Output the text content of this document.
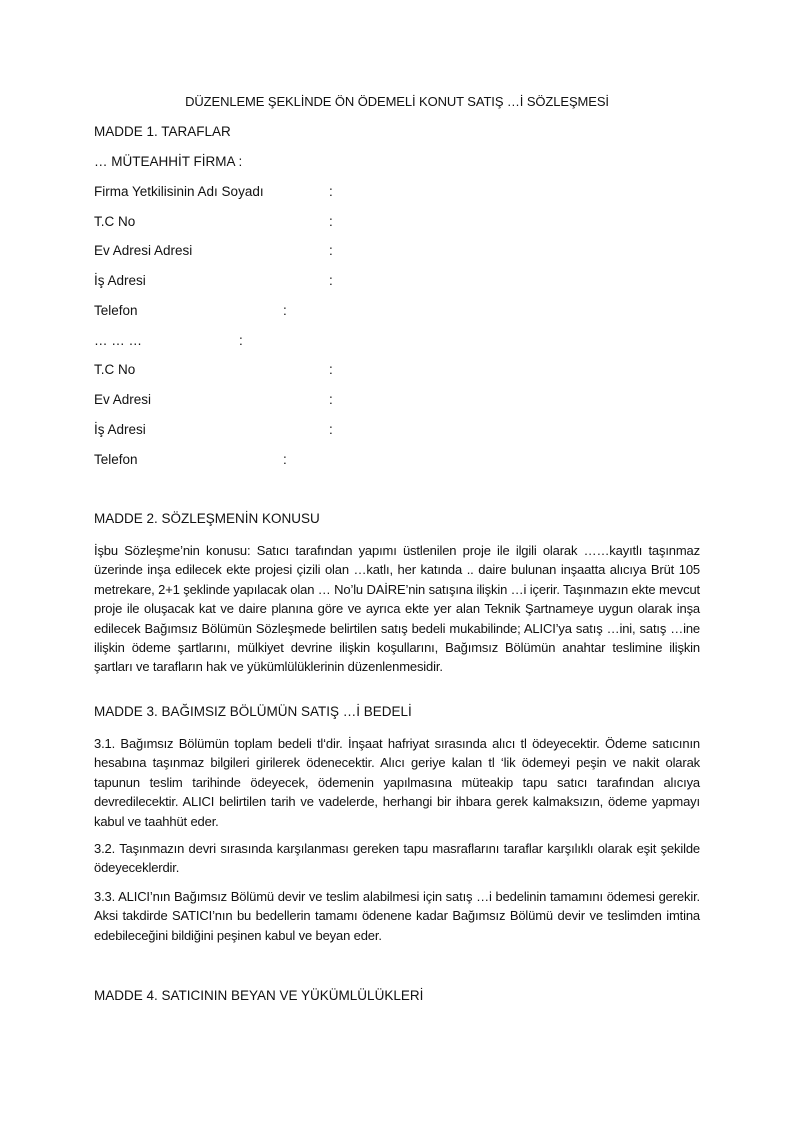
DÜZENLEME ŞEKLİNDE ÖN ÖDEMELİ KONUT SATIŞ …İ SÖZLEŞMESİ
MADDE 1. TARAFLAR
… MÜTEAHHİT FİRMA :
Firma Yetkilisinin Adı Soyadı	:
T.C No	:
Ev Adresi Adresi	:
İş Adresi	:
Telefon	:
… … …	:
T.C No	:
Ev Adresi	:
İş Adresi	:
Telefon	:
MADDE 2. SÖZLEŞMENİN KONUSU
İşbu Sözleşme’nin konusu: Satıcı tarafından yapımı üstlenilen proje ile ilgili olarak ……kayıtlı taşınmaz üzerinde inşa edilecek ekte projesi çizili olan …katlı, her katında .. daire bulunan inşaatta alıcıya Brüt 105 metrekare, 2+1 şeklinde yapılacak olan … No’lu DAİRE’nin satışına ilişkin …i içerir. Taşınmazın ekte mevcut proje ile oluşacak kat ve daire planına göre ve ayrıca ekte yer alan Teknik Şartnameye uygun olarak inşa edilecek Bağımsız Bölümün Sözleşmede belirtilen satış bedeli mukabilinde; ALICI’ya satış …ini, satış …ine ilişkin ödeme şartlarını, mülkiyet devrine ilişkin koşullarını, Bağımsız Bölümün anahtar teslimine ilişkin şartları ve tarafların hak ve yükümlülüklerinin düzenlenmesidir.
MADDE 3. BAĞIMSIZ BÖLÜMÜN SATIŞ …İ BEDELİ
3.1. Bağımsız Bölümün toplam bedeli tl‘dir. İnşaat hafriyat sırasında alıcı tl ödeyecektir. Ödeme satıcının hesabına taşınmaz bilgileri girilerek ödenecektir. Alıcı geriye kalan tl ‘lik ödemeyi peşin ve nakit olarak tapunun teslim tarihinde ödeyecek, ödemenin yapılmasına müteakip tapu satıcı tarafından alıcıya devredilecektir. ALICI belirtilen tarih ve vadelerde, herhangi bir ihbara gerek kalmaksızın, ödeme yapmayı kabul ve taahhüt eder.
3.2. Taşınmazın devri sırasında karşılanması gereken tapu masraflarını taraflar karşılıklı olarak eşit şekilde ödeyeceklerdir.
3.3. ALICI’nın Bağımsız Bölümü devir ve teslim alabilmesi için satış …i bedelinin tamamını ödemesi gerekir. Aksi takdirde SATICI’nın bu bedellerin tamamı ödenene kadar Bağımsız Bölümü devir ve teslimden imtina edebileceğini bildiğini peşinen kabul ve beyan eder.
MADDE 4. SATICININ BEYAN VE YÜKÜMLÜLÜKLERİ
